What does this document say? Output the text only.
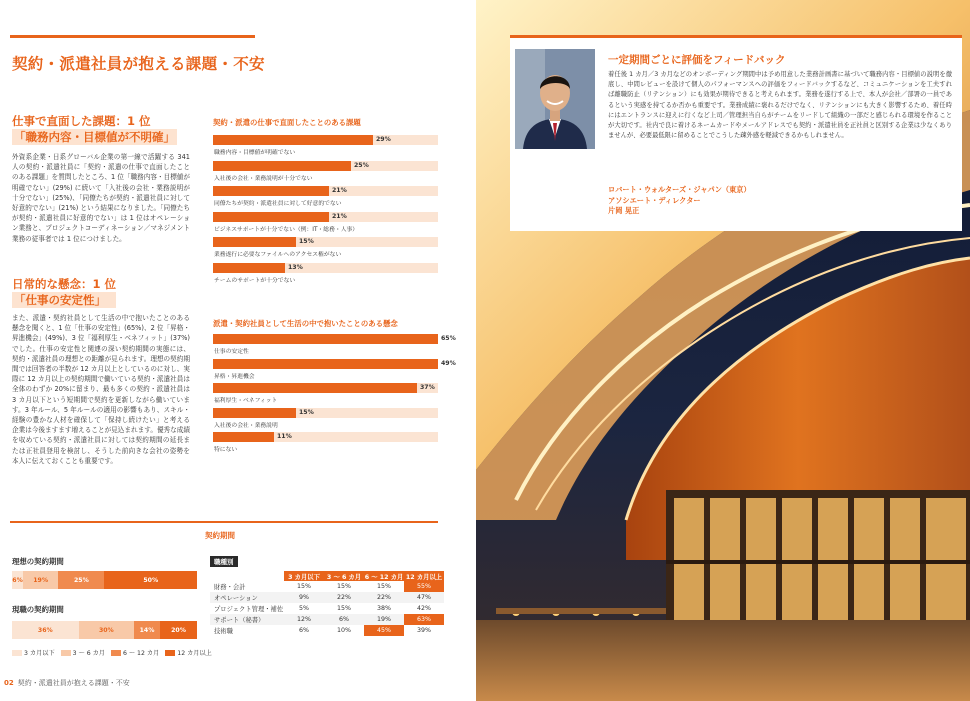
契約・派遣社員が抱える課題・不安
仕事で直面した課題：1 位
「職務内容・目標値が不明確」
外資系企業・日系グローバル企業の第一線で活躍する 341 人の契約・派遣社員に「契約・派遣の仕事で直面したことのある課題」を質問したところ、1 位「職務内容・目標値が明確でない」(29%) に続いて「入社後の会社・業務説明が十分でない」(25%)、「同僚たちが契約・派遣社員に対して好意的でない」(21%) という結果になりました。「同僚たちが契約・派遣社員に好意的でない」は 1 位はオペレーション業務と、プロジェクトコーディネーション／マネジメント業務の従事者では 1 位につけました。
日常的な懸念：1 位
「仕事の安定性」
また、派遣・契約社員として生活の中で抱いたことのある懸念を聞くと、1 位「仕事の安定性」(65%)、2 位「昇格・昇進機会」(49%)、3 位「福利厚生・ベネフィット」(37%) でした。仕事の安定性と関連の深い契約期間の実態には、契約・派遣社員の理想との距離が見られます。理想の契約期間では回答者の半数が 12 カ月以上としているのに対し、実際に 12 カ月以上の契約期間で働いている契約・派遣社員は全体のわずか 20%に留まり、最も多くの契約・派遣社員は 3 カ月以下という短期間で契約を更新しながら働いています。3 年ルール、5 年ルールの適用の影響もあり、スキル・経験の豊かな人材を確保して「保持し続けたい」と考える企業は今後ますます増えることが見込まれます。優秀な成績を収めている契約・派遣社員に対しては契約期間の延長または正社員登用を検討し、そうした前向きな会社の姿勢を本人に伝えておくことも重要です。
契約・派遣の仕事で直面したことのある課題
29%
職務内容・目標値が明確でない
25%
入社後の会社・業務説明が十分でない
21%
同僚たちが契約・派遣社員に対して好意的でない
21%
ビジネスサポートが十分でない（例：IT・総務・人事）
15%
業務遂行に必要なファイルへのアクセス権がない
13%
チームのサポートが十分でない
派遣・契約社員として生活の中で抱いたことのある懸念
65%
仕事の安定性
49%
昇格・昇進機会
37%
福利厚生・ベネフィット
15%
入社後の会社・業務説明
11%
特にない
契約期間
理想の契約期間
6%	19%	25%	50%
現職の契約期間
36%	30%	14%	20%
3 カ月以下	3 〜 6 カ月	6 〜 12 カ月	12 カ月以上
職種別
	3 カ月以下	3 〜 6 カ月	6 〜 12 カ月	12 カ月以上
財務・会計	15%	15%	15%	55%
オペレーション	9%	22%	22%	47%
プロジェクト管理・補佐	5%	15%	38%	42%
サポート（秘書）	12%	6%	19%	63%
技術職	6%	10%	45%	39%
02 契約・派遣社員が抱える課題・不安
一定期間ごとに評価をフィードバック
着任後 1 カ月／3 カ月などのオンボーディング期間中は予め用意した業務計画書に基づいて職務内容・目標値の説明を徹底し、中間レビューを設けて個人のパフォーマンスへの評価をフィードバックするなど、コミュニケーションを工夫すれば離職防止（リテンション）にも効果が期待できると考えられます。業務を遂行する上で、本人が会社／部署の一員であるという実感を持てるか否かも重要です。業務成績に褒れるだけでなく、リテンションにも大きく影響するため、着任時にはエントランスに迎えに行くなど上司／管理担当自らがチームをリードして組織の一部だと感じられる環境を作ることが大切です。社内で良に着けるネームカードやメールアドレスでも契約・派遣社員を正社員と区別する企業は少なくありませんが、必要最低限に留めることでこうした疎外感を軽減できるかもしれません。
ロバート・ウォルターズ・ジャパン（東京）
アソシエート・ディレクター
片岡 晃正
